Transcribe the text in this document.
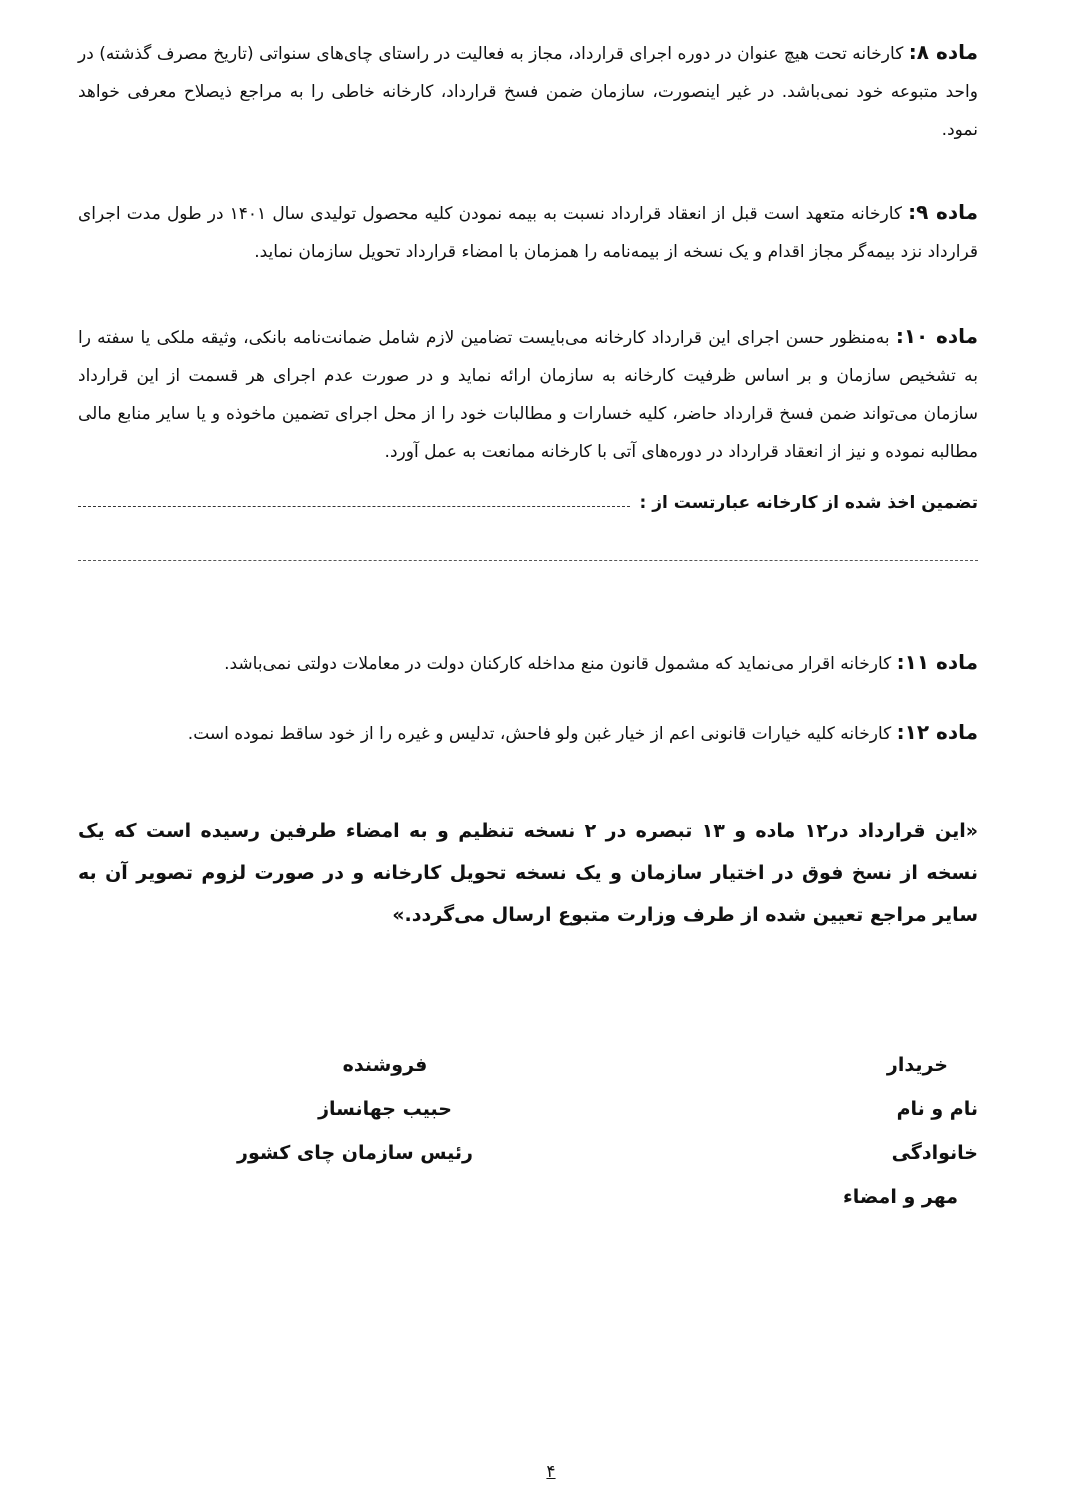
ماده ۸: کارخانه تحت هیچ عنوان در دوره اجرای قرارداد، مجاز به فعالیت در راستای چای‌های سنواتی (تاریخ مصرف گذشته) در واحد متبوعه خود نمی‌باشد. در غیر اینصورت، سازمان ضمن فسخ قرارداد، کارخانه خاطی را به مراجع ذیصلاح معرفی خواهد نمود.
ماده ۹: کارخانه متعهد است قبل از انعقاد قرارداد نسبت به بیمه نمودن کلیه محصول تولیدی سال ۱۴۰۱ در طول مدت اجرای قرارداد نزد بیمه‌گر مجاز اقدام و یک نسخه از بیمه‌نامه را همزمان با امضاء قرارداد تحویل سازمان نماید.
ماده ۱۰: به‌منظور حسن اجرای این قرارداد کارخانه می‌بایست تضامین لازم شامل ضمانت‌نامه بانکی، وثیقه ملکی یا سفته را به تشخیص سازمان و بر اساس ظرفیت کارخانه به سازمان ارائه نماید و در صورت عدم اجرای هر قسمت از این قرارداد سازمان می‌تواند ضمن فسخ قرارداد حاضر، کلیه خسارات و مطالبات خود را از محل اجرای تضمین ماخوذه و یا سایر منابع مالی مطالبه نموده و نیز از انعقاد قرارداد در دوره‌های آتی با کارخانه ممانعت به عمل آورد.
تضمین اخذ شده از کارخانه عبارتست از :
ماده ۱۱: کارخانه اقرار می‌نماید که مشمول قانون منع مداخله کارکنان دولت در معاملات دولتی نمی‌باشد.
ماده ۱۲: کارخانه کلیه خیارات قانونی اعم از خیار غبن ولو فاحش، تدلیس و غیره را از خود ساقط نموده است.
«این قرارداد در۱۲ ماده و ۱۳ تبصره در ۲ نسخه تنظیم و به امضاء طرفین رسیده است که یک نسخه از نسخ فوق در اختیار سازمان و یک نسخه تحویل کارخانه و در صورت لزوم تصویر آن به سایر مراجع تعیین شده از طرف وزارت متبوع ارسال می‌گردد.»
خریدار
نام و نام خانوادگی
مهر و امضاء
فروشنده
حبیب جهانساز
رئیس سازمان چای کشور
۴
